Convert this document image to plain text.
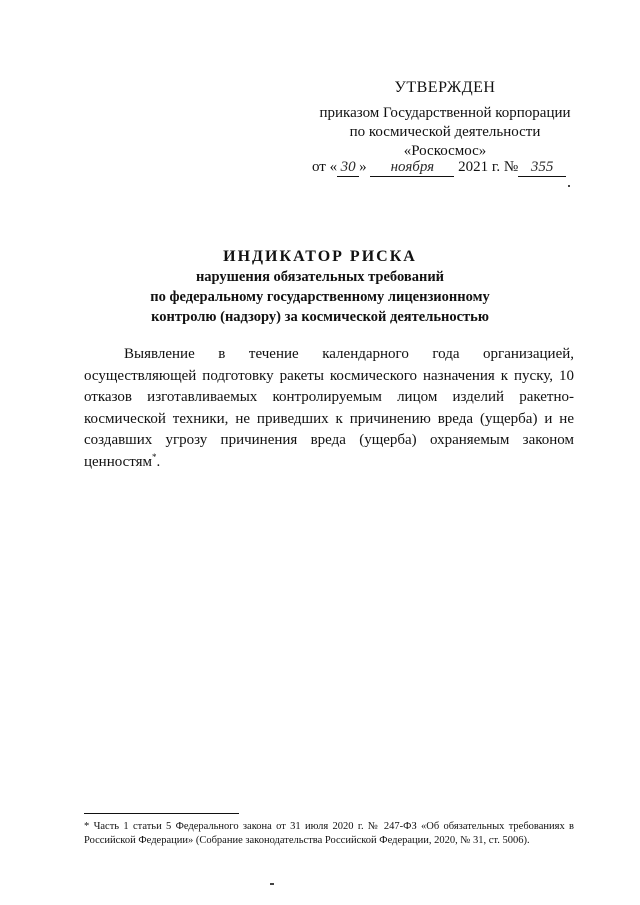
УТВЕРЖДЕН
приказом Государственной корпорации
по космической деятельности
«Роскосмос»
от « 30 » ноября 2021 г. № 355
ИНДИКАТОР РИСКА
нарушения обязательных требований
по федеральному государственному лицензионному
контролю (надзору) за космической деятельностью

Выявление в течение календарного года организацией, осуществляющей подготовку ракеты космического назначения к пуску, 10 отказов изготавливаемых контролируемым лицом изделий ракетно-космической техники, не приведших к причинению вреда (ущерба) и не создавших угрозу причинения вреда (ущерба) охраняемым законом ценностям*.

* Часть 1 статьи 5 Федерального закона от 31 июля 2020 г. № 247-ФЗ «Об обязательных требованиях в Российской Федерации» (Собрание законодательства Российской Федерации, 2020, № 31, ст. 5006).
